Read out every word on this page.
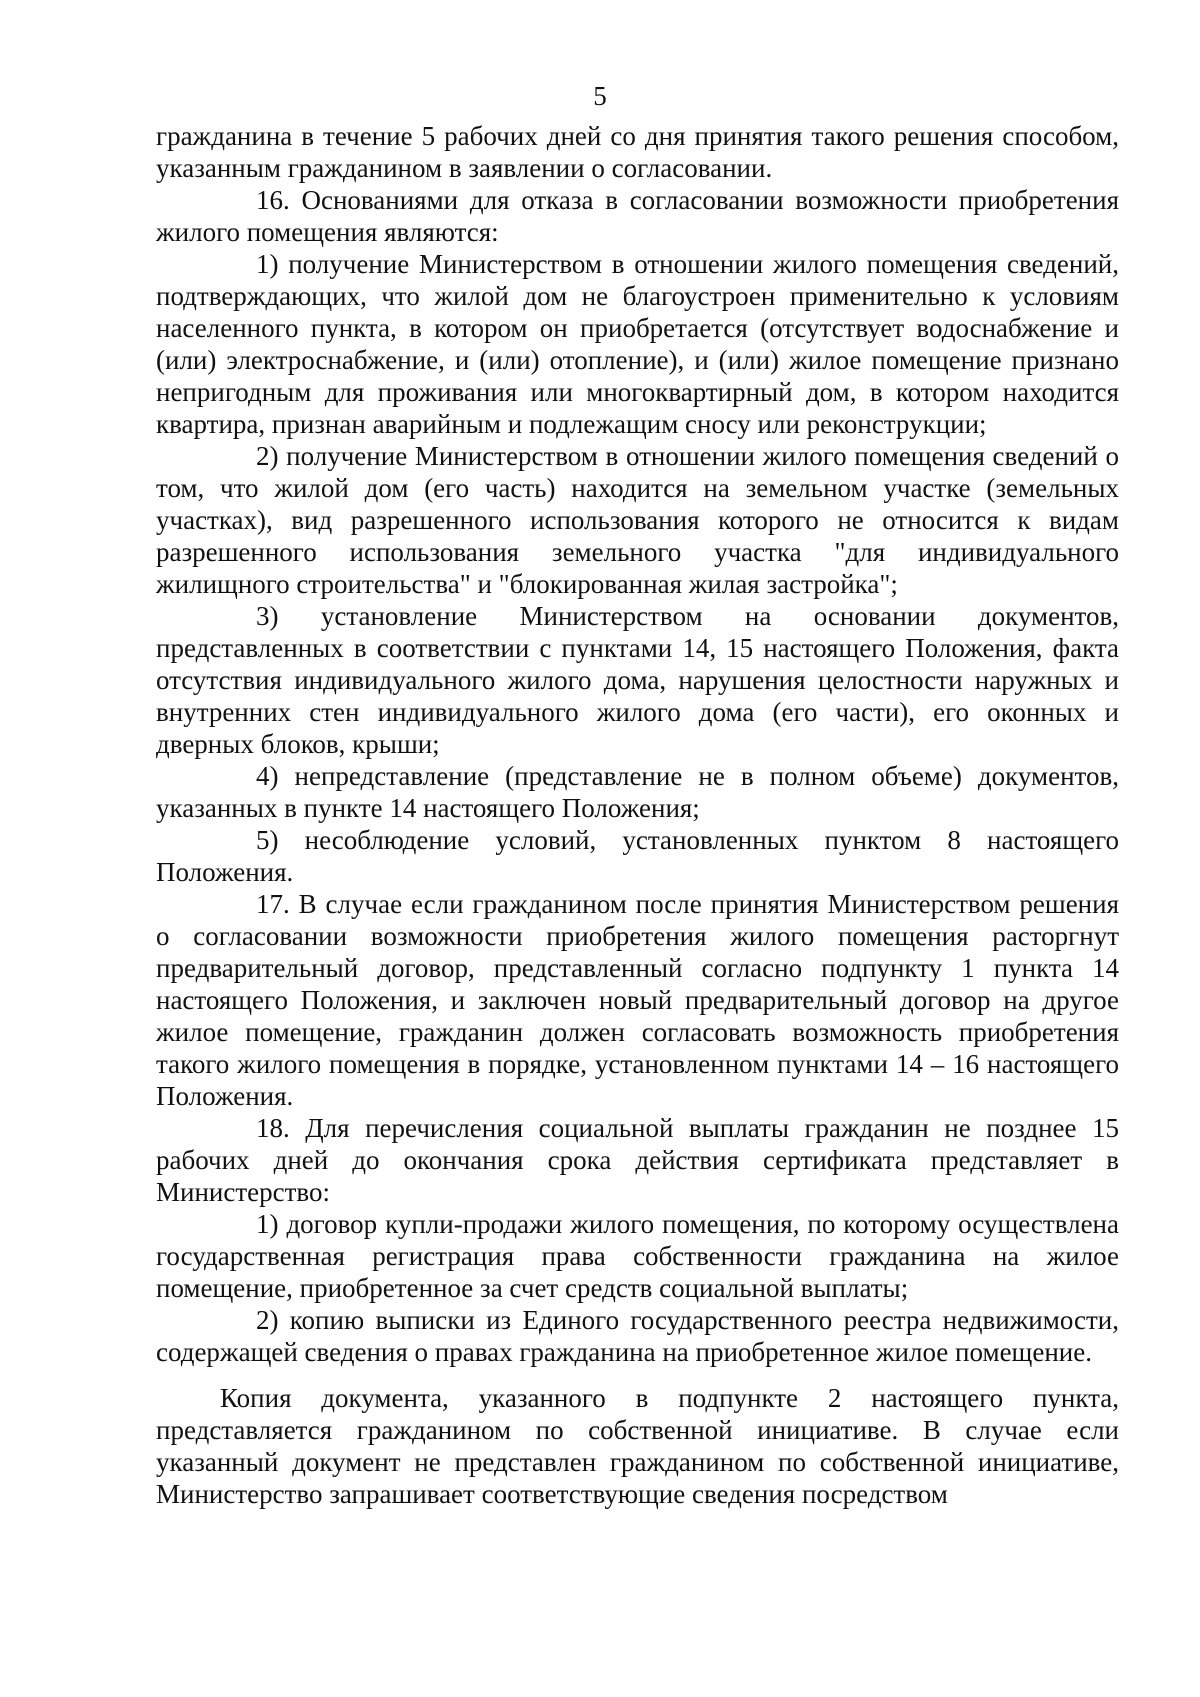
5

гражданина в течение 5 рабочих дней со дня принятия такого решения способом, указанным гражданином в заявлении о согласовании.

16. Основаниями для отказа в согласовании возможности приобретения жилого помещения являются:

1) получение Министерством в отношении жилого помещения сведений, подтверждающих, что жилой дом не благоустроен применительно к условиям населенного пункта, в котором он приобретается (отсутствует водоснабжение и (или) электроснабжение, и (или) отопление), и (или) жилое помещение признано непригодным для проживания или многоквартирный дом, в котором находится квартира, признан аварийным и подлежащим сносу или реконструкции;

2) получение Министерством в отношении жилого помещения сведений о том, что жилой дом (его часть) находится на земельном участке (земельных участках), вид разрешенного использования которого не относится к видам разрешенного использования земельного участка "для индивидуального жилищного строительства" и "блокированная жилая застройка";

3) установление Министерством на основании документов, представленных в соответствии с пунктами 14, 15 настоящего Положения, факта отсутствия индивидуального жилого дома, нарушения целостности наружных и внутренних стен индивидуального жилого дома (его части), его оконных и дверных блоков, крыши;

4) непредставление (представление не в полном объеме) документов, указанных в пункте 14 настоящего Положения;

5) несоблюдение условий, установленных пунктом 8 настоящего Положения.

17. В случае если гражданином после принятия Министерством решения о согласовании возможности приобретения жилого помещения расторгнут предварительный договор, представленный согласно подпункту 1 пункта 14 настоящего Положения, и заключен новый предварительный договор на другое жилое помещение, гражданин должен согласовать возможность приобретения такого жилого помещения в порядке, установленном пунктами 14 – 16 настоящего Положения.

18. Для перечисления социальной выплаты гражданин не позднее 15 рабочих дней до окончания срока действия сертификата представляет в Министерство:

1) договор купли-продажи жилого помещения, по которому осуществлена государственная регистрация права собственности гражданина на жилое помещение, приобретенное за счет средств социальной выплаты;

2) копию выписки из Единого государственного реестра недвижимости, содержащей сведения о правах гражданина на приобретенное жилое помещение.

Копия документа, указанного в подпункте 2 настоящего пункта, представляется гражданином по собственной инициативе. В случае если указанный документ не представлен гражданином по собственной инициативе, Министерство запрашивает соответствующие сведения посредством
